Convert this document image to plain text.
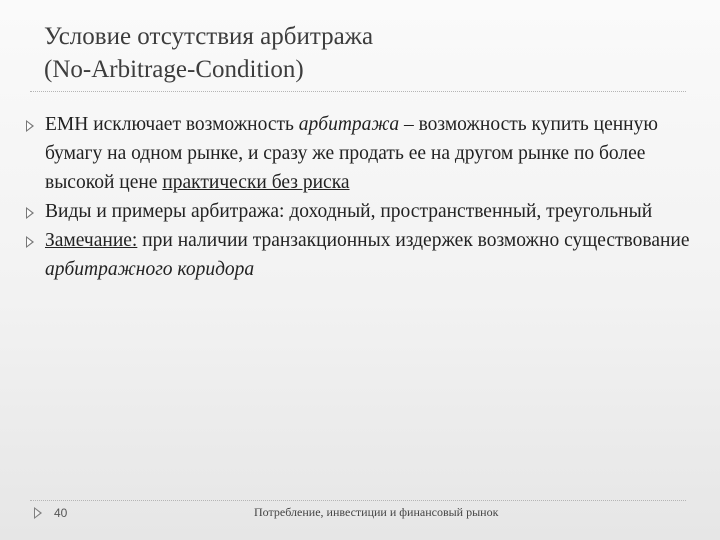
Условие отсутствия арбитража
(No-Arbitrage-Condition)
EMH исключает возможность арбитража – возможность купить ценную бумагу на одном рынке, и сразу же продать ее на другом рынке по более высокой цене практически без риска
Виды и примеры арбитража: доходный, пространственный, треугольный
Замечание: при наличии транзакционных издержек возможно существование арбитражного коридора
40	Потребление, инвестиции и финансовый рынок
